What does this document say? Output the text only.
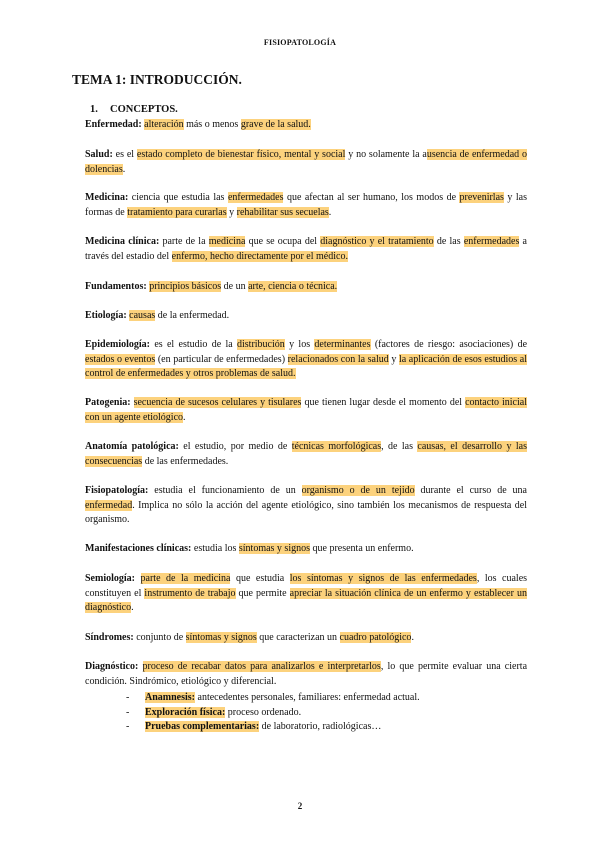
FISIOPATOLOGÍA
TEMA 1: INTRODUCCIÓN.
1. CONCEPTOS.
Enfermedad: alteración más o menos grave de la salud.
Salud: es el estado completo de bienestar físico, mental y social y no solamente la ausencia de enfermedad o dolencias.
Medicina: ciencia que estudia las enfermedades que afectan al ser humano, los modos de prevenirlas y las formas de tratamiento para curarlas y rehabilitar sus secuelas.
Medicina clínica: parte de la medicina que se ocupa del diagnóstico y el tratamiento de las enfermedades a través del estadio del enfermo, hecho directamente por el médico.
Fundamentos: principios básicos de un arte, ciencia o técnica.
Etiología: causas de la enfermedad.
Epidemiología: es el estudio de la distribución y los determinantes (factores de riesgo: asociaciones) de estados o eventos (en particular de enfermedades) relacionados con la salud y la aplicación de esos estudios al control de enfermedades y otros problemas de salud.
Patogenia: secuencia de sucesos celulares y tisulares que tienen lugar desde el momento del contacto inicial con un agente etiológico.
Anatomía patológica: el estudio, por medio de técnicas morfológicas, de las causas, el desarrollo y las consecuencias de las enfermedades.
Fisiopatología: estudia el funcionamiento de un organismo o de un tejido durante el curso de una enfermedad. Implica no sólo la acción del agente etiológico, sino también los mecanismos de respuesta del organismo.
Manifestaciones clínicas: estudia los síntomas y signos que presenta un enfermo.
Semiología: parte de la medicina que estudia los síntomas y signos de las enfermedades, los cuales constituyen el instrumento de trabajo que permite apreciar la situación clínica de un enfermo y establecer un diagnóstico.
Síndromes: conjunto de síntomas y signos que caracterizan un cuadro patológico.
Diagnóstico: proceso de recabar datos para analizarlos e interpretarlos, lo que permite evaluar una cierta condición. Sindrómico, etiológico y diferencial.
-	Anamnesis: antecedentes personales, familiares: enfermedad actual.
-	Exploración física: proceso ordenado.
-	Pruebas complementarias: de laboratorio, radiológicas…
2
